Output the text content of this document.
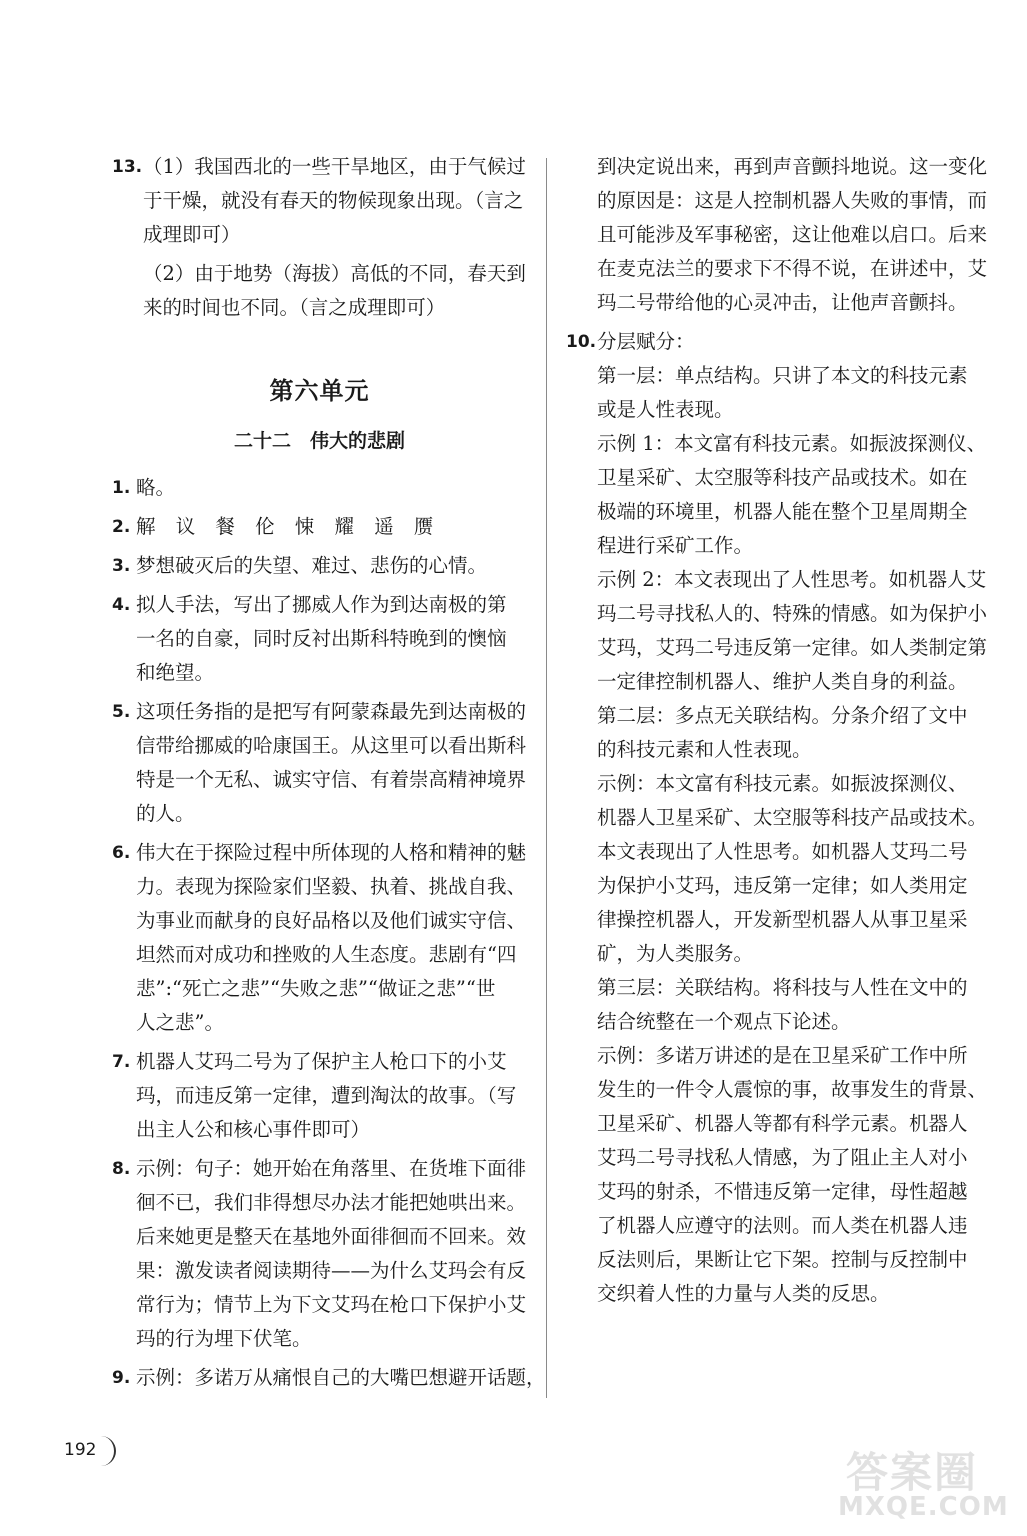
13. （1）我国西北的一些干旱地区，由于气候过
于干燥，就没有春天的物候现象出现。（言之
成理即可）
（2）由于地势（海拔）高低的不同，春天到
来的时间也不同。（言之成理即可）
第六单元
二十二　伟大的悲剧
1. 略。
2. 解 议 餐 伦 悚 耀 遥 赝
3. 梦想破灭后的失望、难过、悲伤的心情。
4. 拟人手法，写出了挪威人作为到达南极的第
一名的自豪，同时反衬出斯科特晚到的懊恼
和绝望。
5. 这项任务指的是把写有阿蒙森最先到达南极的
信带给挪威的哈康国王。从这里可以看出斯科
特是一个无私、诚实守信、有着崇高精神境界
的人。
6. 伟大在于探险过程中所体现的人格和精神的魅
力。表现为探险家们坚毅、执着、挑战自我、
为事业而献身的良好品格以及他们诚实守信、
坦然而对成功和挫败的人生态度。悲剧有“四
悲”:“死亡之悲”“失败之悲”“做证之悲”“世
人之悲”。
7. 机器人艾玛二号为了保护主人枪口下的小艾
玛，而违反第一定律，遭到淘汰的故事。（写
出主人公和核心事件即可）
8. 示例：句子：她开始在角落里、在货堆下面徘
徊不已，我们非得想尽办法才能把她哄出来。
后来她更是整天在基地外面徘徊而不回来。效
果：激发读者阅读期待——为什么艾玛会有反
常行为；情节上为下文艾玛在枪口下保护小艾
玛的行为埋下伏笔。
9. 示例：多诺万从痛恨自己的大嘴巴想避开话题，
到决定说出来，再到声音颤抖地说。这一变化
的原因是：这是人控制机器人失败的事情，而
且可能涉及军事秘密，这让他难以启口。后来
在麦克法兰的要求下不得不说，在讲述中，艾
玛二号带给他的心灵冲击，让他声音颤抖。
10. 分层赋分：
第一层：单点结构。只讲了本文的科技元素
或是人性表现。
示例 1：本文富有科技元素。如振波探测仪、
卫星采矿、太空服等科技产品或技术。如在
极端的环境里，机器人能在整个卫星周期全
程进行采矿工作。
示例 2：本文表现出了人性思考。如机器人艾
玛二号寻找私人的、特殊的情感。如为保护小
艾玛，艾玛二号违反第一定律。如人类制定第
一定律控制机器人、维护人类自身的利益。
第二层：多点无关联结构。分条介绍了文中
的科技元素和人性表现。
示例：本文富有科技元素。如振波探测仪、
机器人卫星采矿、太空服等科技产品或技术。
本文表现出了人性思考。如机器人艾玛二号
为保护小艾玛，违反第一定律；如人类用定
律操控机器人，开发新型机器人从事卫星采
矿，为人类服务。
第三层：关联结构。将科技与人性在文中的
结合统整在一个观点下论述。
示例：多诺万讲述的是在卫星采矿工作中所
发生的一件令人震惊的事，故事发生的背景、
卫星采矿、机器人等都有科学元素。机器人
艾玛二号寻找私人情感，为了阻止主人对小
艾玛的射杀，不惜违反第一定律，母性超越
了机器人应遵守的法则。而人类在机器人违
反法则后，果断让它下架。控制与反控制中
交织着人性的力量与人类的反思。
192	答案圈
MXQE.COM
